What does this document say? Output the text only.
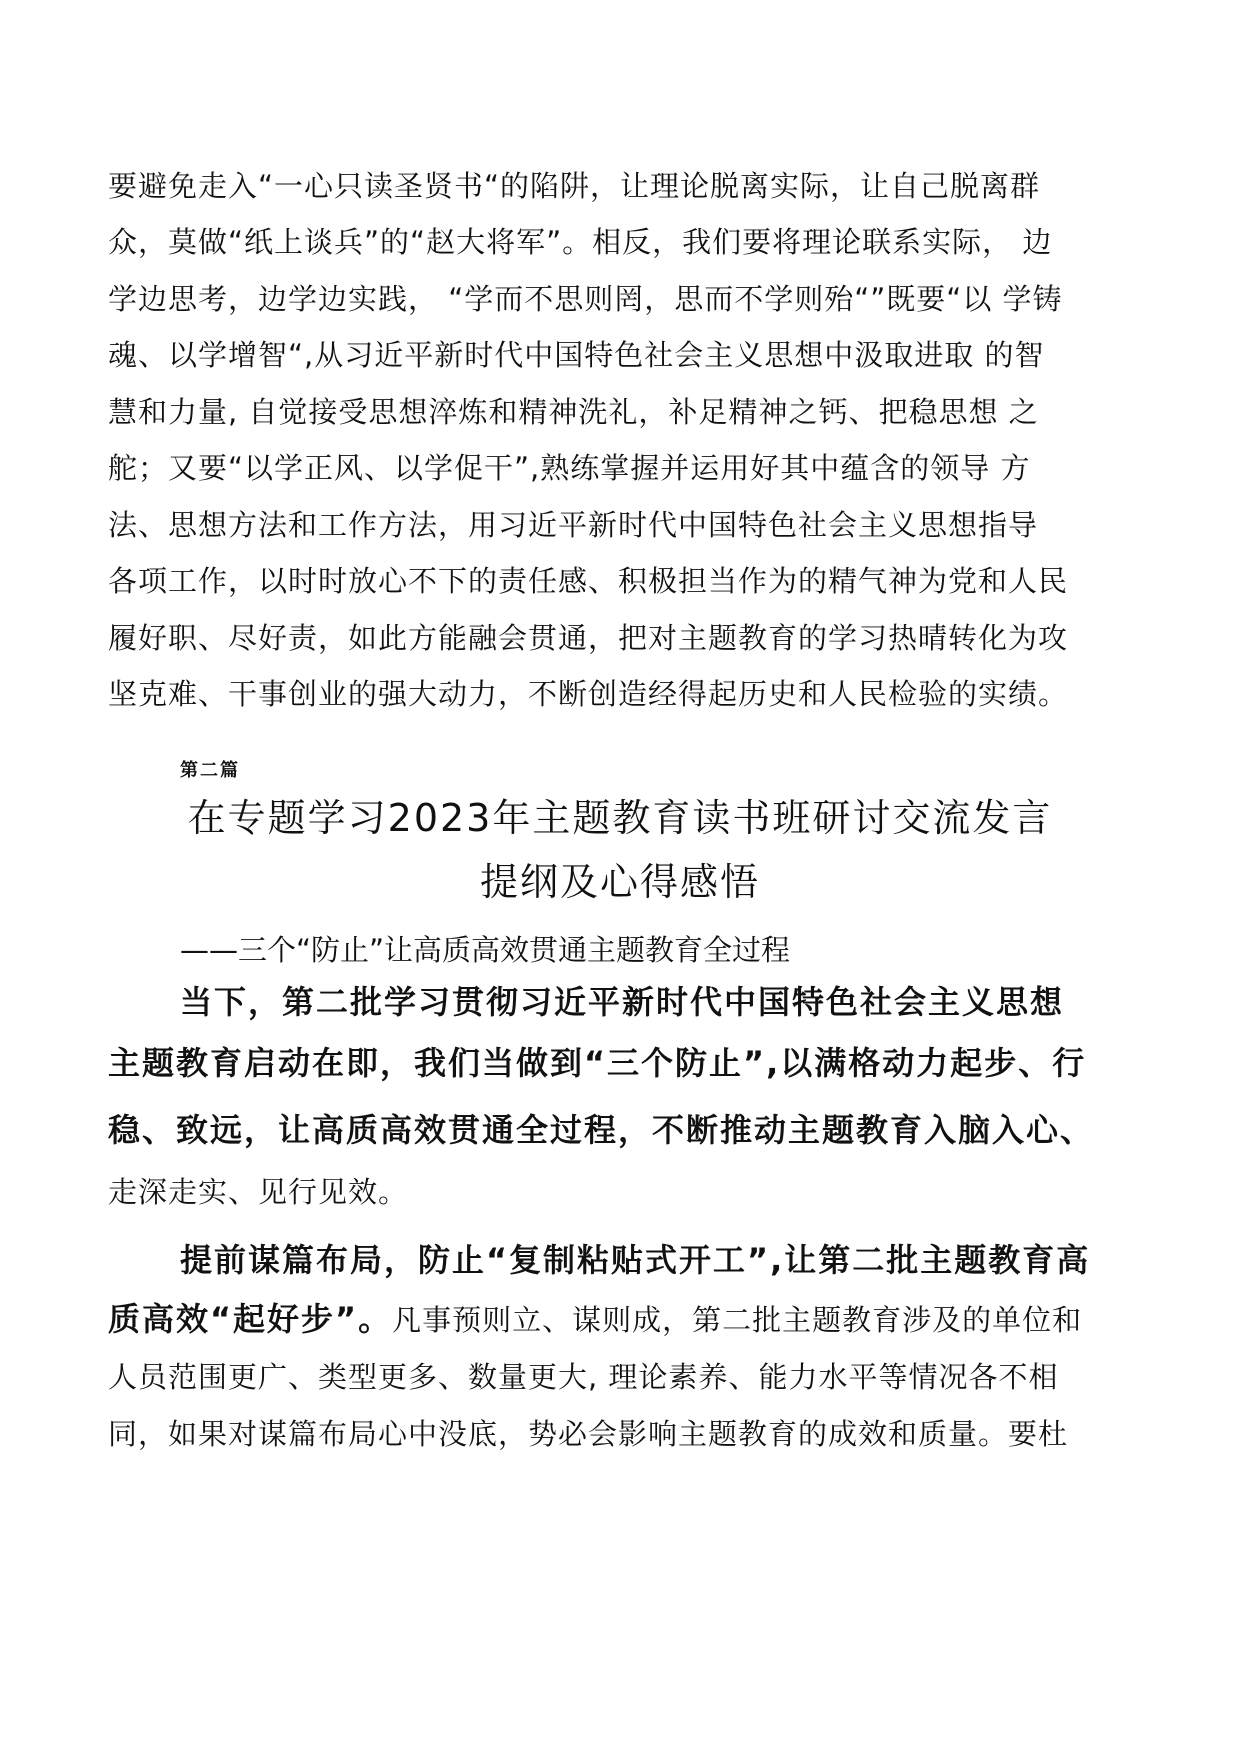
要避免走入“一心只读圣贤书“的陷阱，让理论脱离实际，让自己脱离群
众，莫做“纸上谈兵”的“赵大将军”。相反，我们要将理论联系实际， 边
学边思考，边学边实践， “学而不思则罔，思而不学则殆“”既要“以 学铸
魂、以学增智“,从习近平新时代中国特色社会主义思想中汲取进取 的智
慧和力量, 自觉接受思想淬炼和精神洗礼，补足精神之钙、把稳思想 之
舵；又要“以学正风、以学促干”,熟练掌握并运用好其中蕴含的领导 方
法、思想方法和工作方法，用习近平新时代中国特色社会主义思想指导
各项工作，以时时放心不下的责任感、积极担当作为的精气神为党和人民
履好职、尽好责，如此方能融会贯通，把对主题教育的学习热晴转化为攻
坚克难、干事创业的强大动力，不断创造经得起历史和人民检验的实绩。
第二篇
在专题学习2023年主题教育读书班研讨交流发言
提纲及心得感悟
——三个“防止”让高质高效贯通主题教育全过程
当下，第二批学习贯彻习近平新时代中国特色社会主义思想
主题教育启动在即，我们当做到“三个防止”,以满格动力起步、行
稳、致远，让高质高效贯通全过程，不断推动主题教育入脑入心、
走深走实、见行见效。
提前谋篇布局，防止“复制粘贴式开工”,让第二批主题教育高
质高效“起好步”。凡事预则立、谋则成，第二批主题教育涉及的单位和
人员范围更广、类型更多、数量更大, 理论素养、能力水平等情况各不相
同，如果对谋篇布局心中没底，势必会影响主题教育的成效和质量。要杜
